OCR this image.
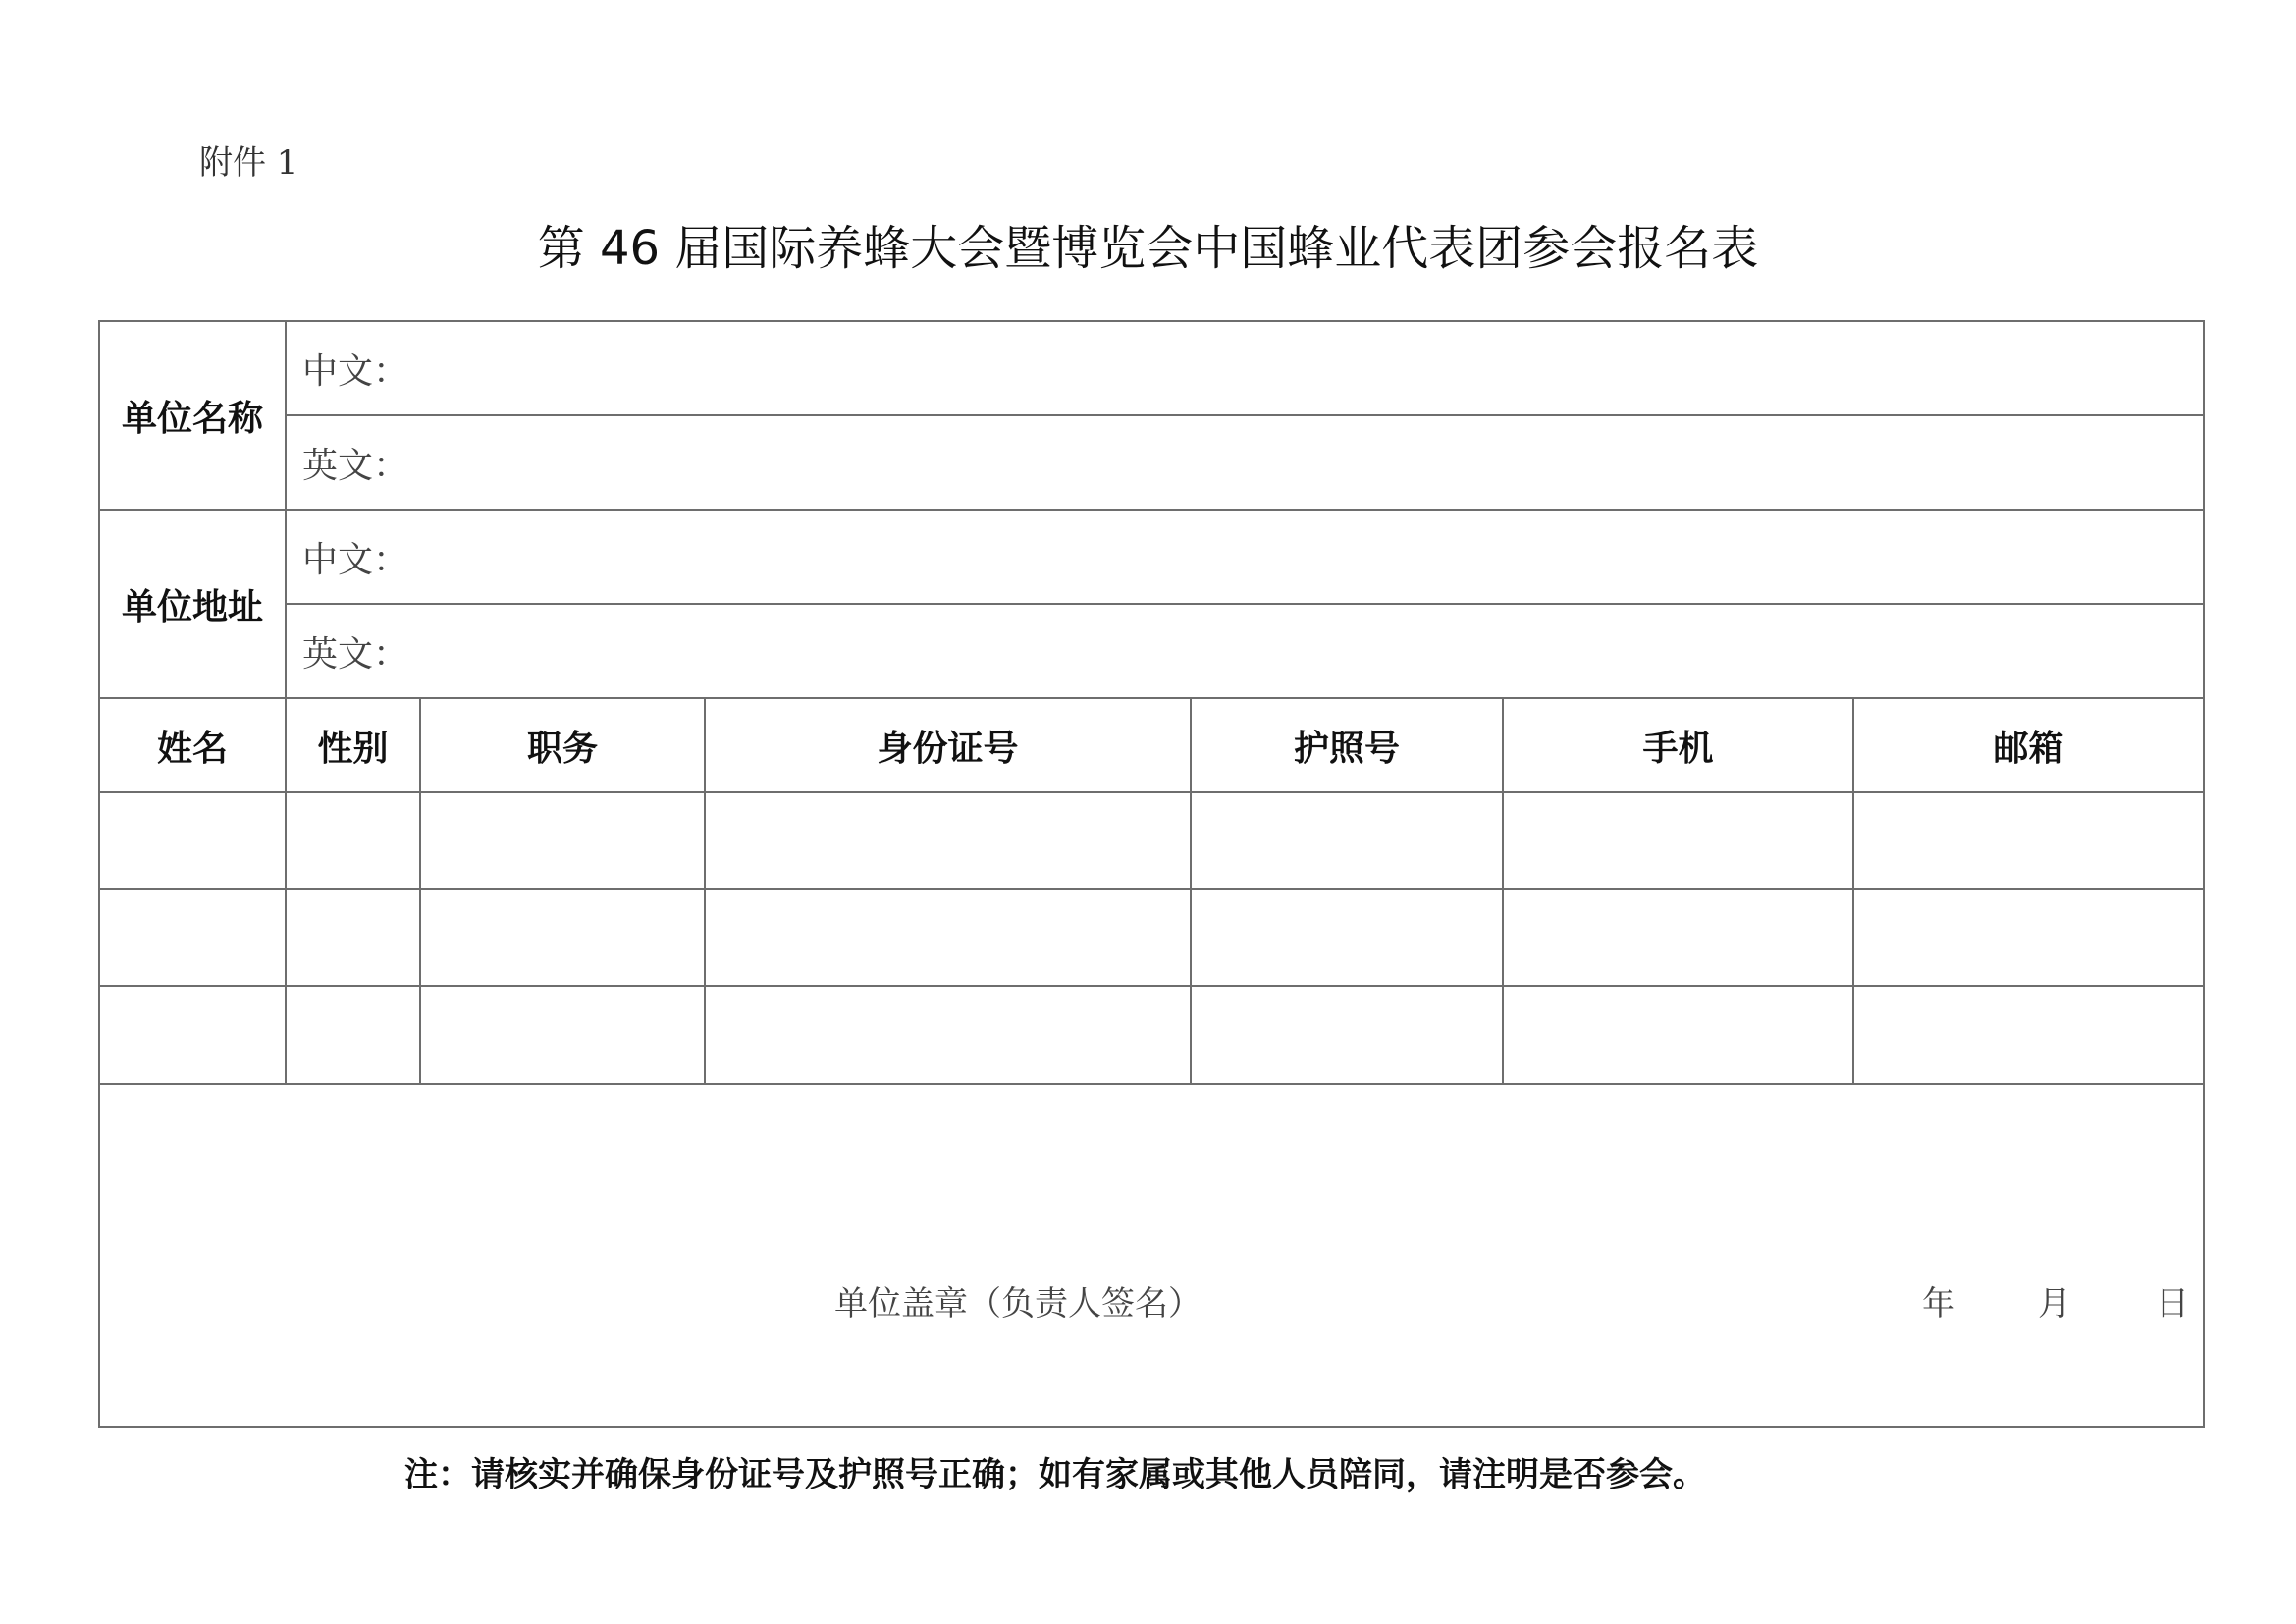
附件 1
第 46 届国际养蜂大会暨博览会中国蜂业代表团参会报名表
单位名称	中文：					
	英文：					
单位地址	中文：					
	英文：					
姓名	性别	职务	身份证号	护照号	手机	邮箱

单位盖章（负责人签名） 年 月 日						
注：请核实并确保身份证号及护照号正确；如有家属或其他人员陪同，请注明是否参会。
